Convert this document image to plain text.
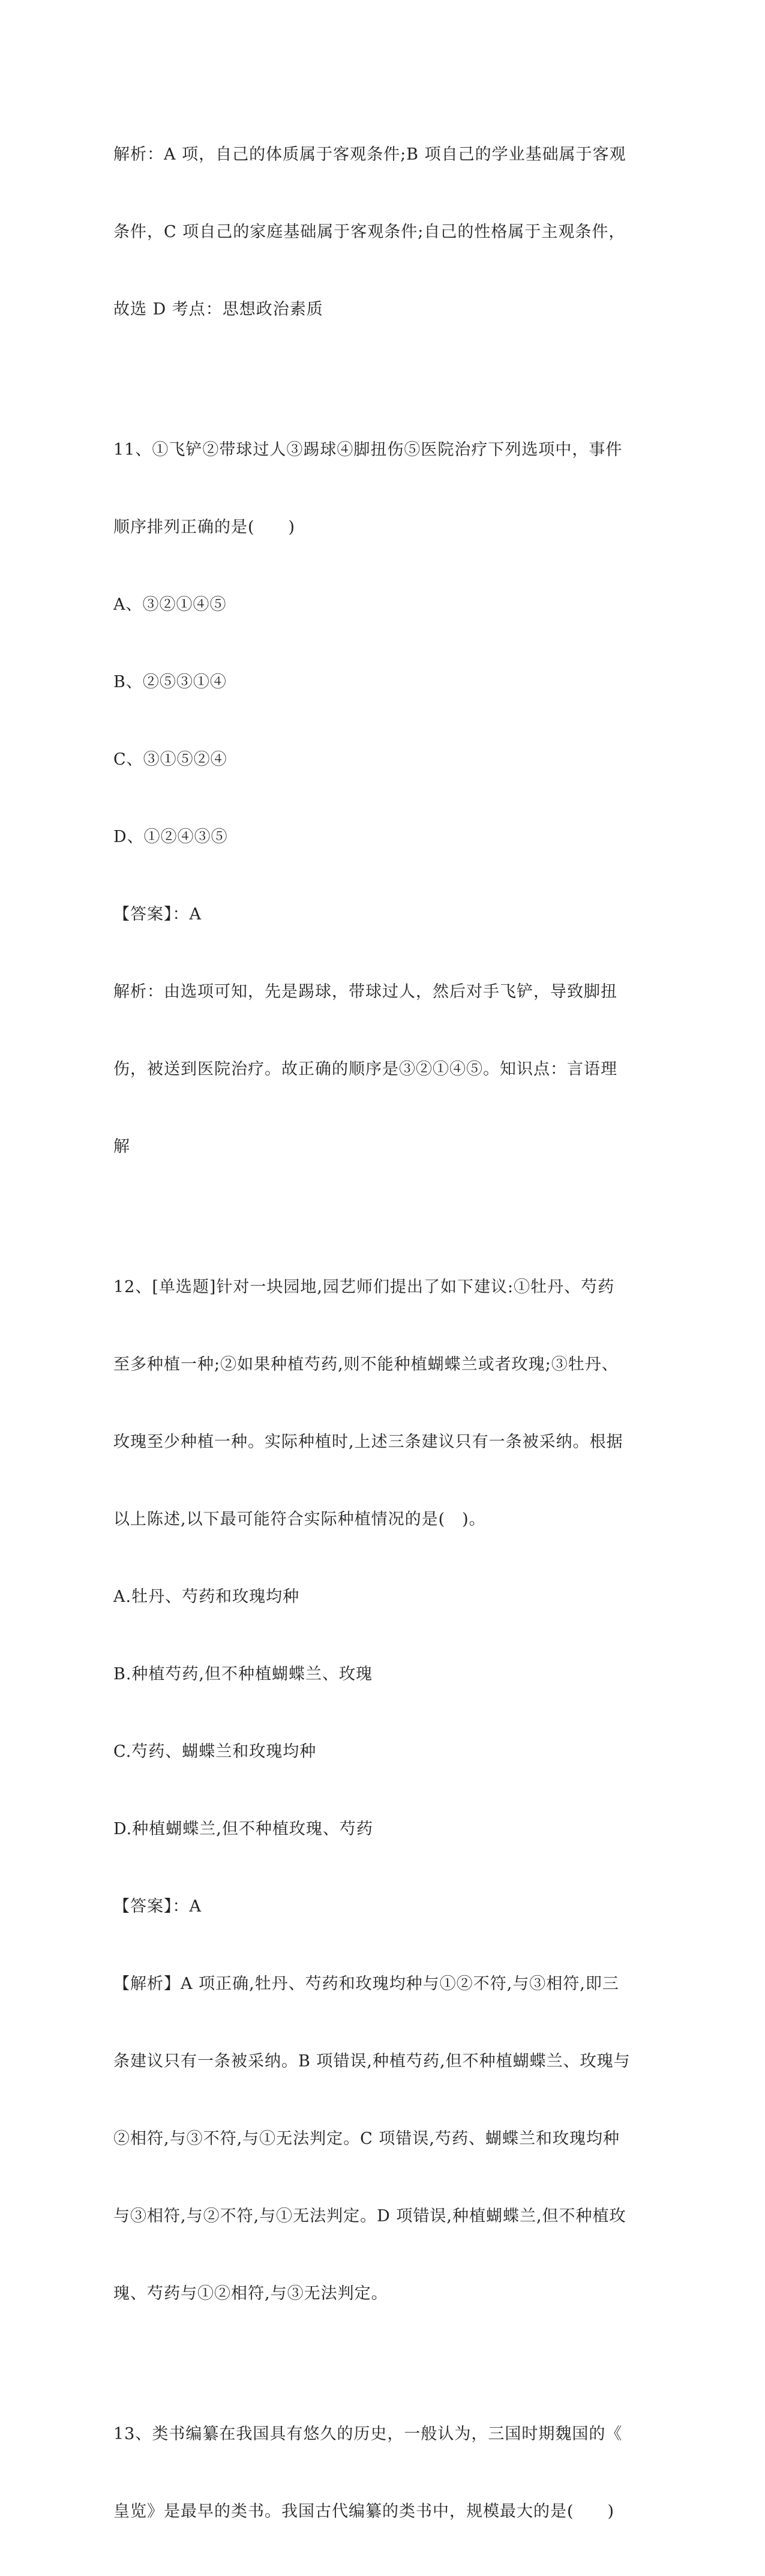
解析：A 项，自己的体质属于客观条件;B 项自己的学业基础属于客观

条件，C 项自己的家庭基础属于客观条件;自己的性格属于主观条件，

故选 D 考点：思想政治素质

11、①飞铲②带球过人③踢球④脚扭伤⑤医院治疗下列选项中，事件

顺序排列正确的是(　　)

A、③②①④⑤

B、②⑤③①④

C、③①⑤②④

D、①②④③⑤

【答案】：A

解析：由选项可知，先是踢球，带球过人，然后对手飞铲，导致脚扭

伤，被送到医院治疗。故正确的顺序是③②①④⑤。知识点：言语理

解

12、[单选题]针对一块园地,园艺师们提出了如下建议:①牡丹、芍药

至多种植一种;②如果种植芍药,则不能种植蝴蝶兰或者玫瑰;③牡丹、

玫瑰至少种植一种。实际种植时,上述三条建议只有一条被采纳。根据

以上陈述,以下最可能符合实际种植情况的是(　)。

A.牡丹、芍药和玫瑰均种

B.种植芍药,但不种植蝴蝶兰、玫瑰

C.芍药、蝴蝶兰和玫瑰均种

D.种植蝴蝶兰,但不种植玫瑰、芍药

【答案】：A

【解析】A 项正确,牡丹、芍药和玫瑰均种与①②不符,与③相符,即三

条建议只有一条被采纳。B 项错误,种植芍药,但不种植蝴蝶兰、玫瑰与

②相符,与③不符,与①无法判定。C 项错误,芍药、蝴蝶兰和玫瑰均种

与③相符,与②不符,与①无法判定。D 项错误,种植蝴蝶兰,但不种植玫

瑰、芍药与①②相符,与③无法判定。

13、类书编纂在我国具有悠久的历史，一般认为，三国时期魏国的《

皇览》是最早的类书。我国古代编纂的类书中，规模最大的是(　　)
